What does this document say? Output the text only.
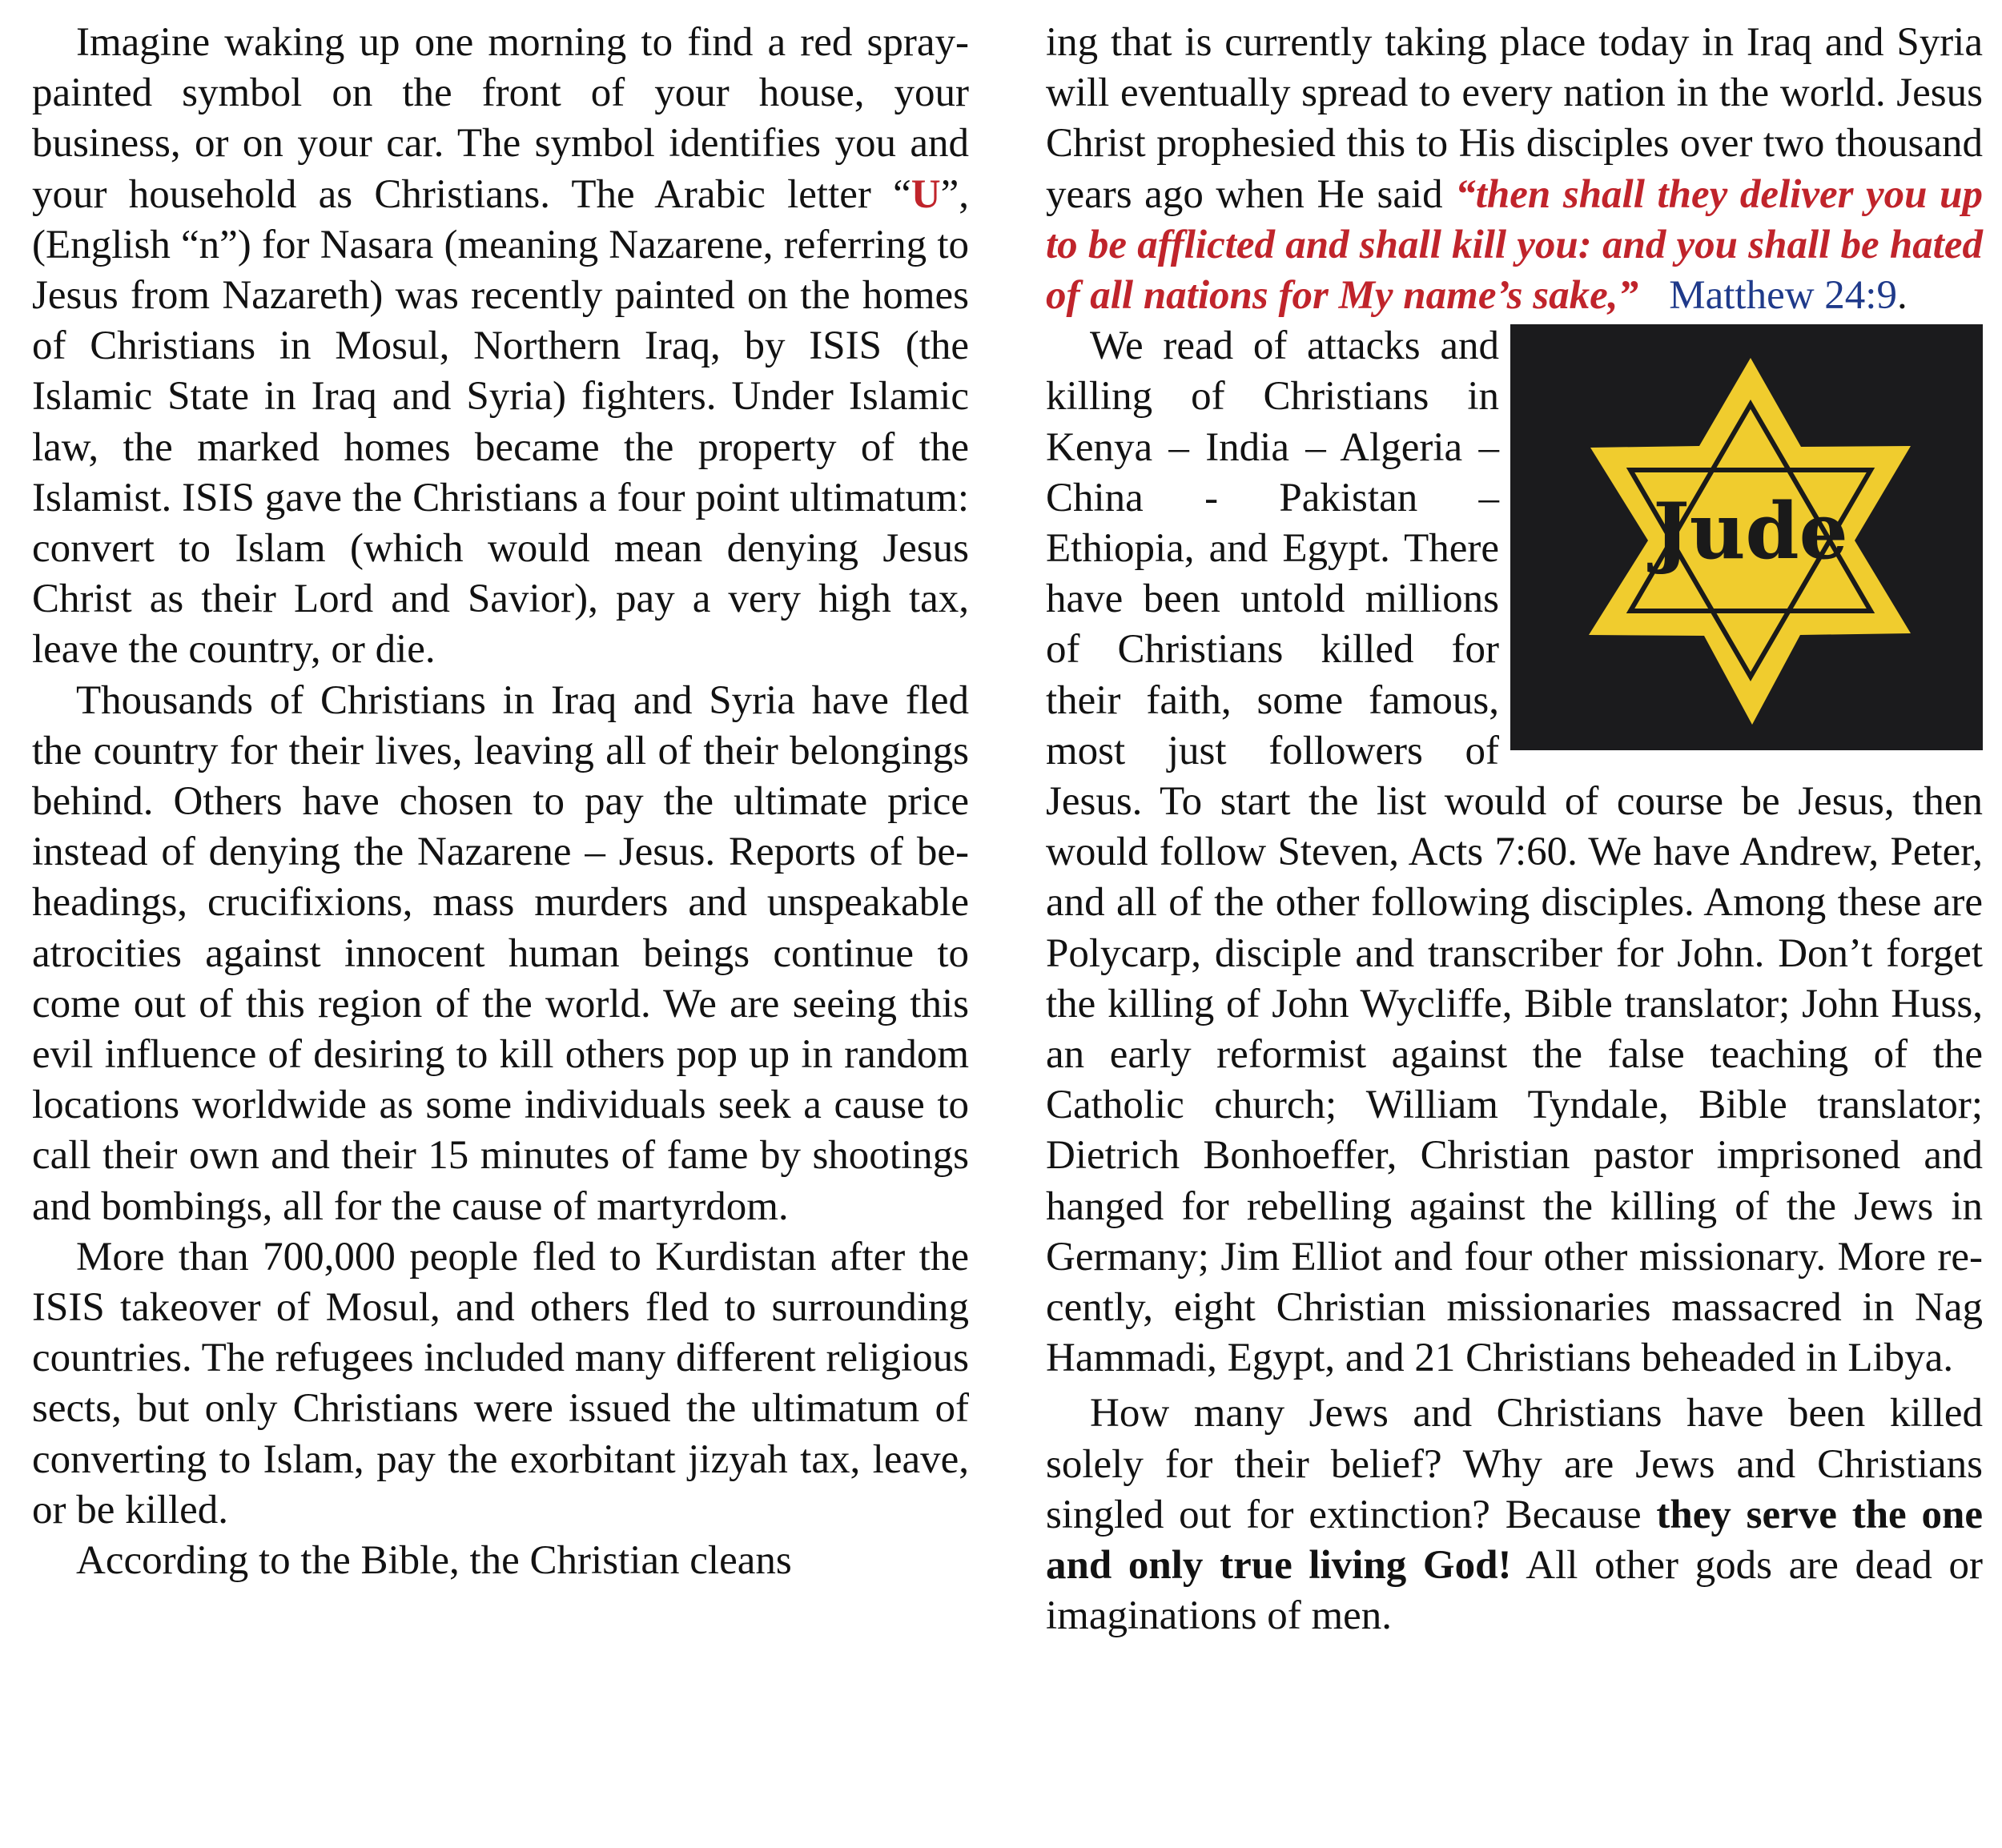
Imagine waking up one morning to find a red spray-painted symbol on the front of your house, your business, or on your car. The symbol identifies you and your household as Christians. The Arabic letter “U”, (English “n”) for Nasara (meaning Nazarene, referring to Jesus from Nazareth) was recently painted on the homes of Christians in Mosul, Northern Iraq, by ISIS (the Islamic State in Iraq and Syria) fighters. Under Islamic law, the marked homes became the property of the Islamist. ISIS gave the Christians a four point ultimatum: convert to Islam (which would mean denying Jesus Christ as their Lord and Savior), pay a very high tax, leave the country, or die.

Thousands of Christians in Iraq and Syria have fled the country for their lives, leaving all of their belongings behind. Others have chosen to pay the ultimate price instead of denying the Nazarene – Jesus. Reports of be-headings, crucifixions, mass murders and unspeakable atrocities against innocent human beings continue to come out of this region of the world. We are seeing this evil influence of desiring to kill others pop up in random locations worldwide as some individuals seek a cause to call their own and their 15 minutes of fame by shootings and bombings, all for the cause of martyrdom.

More than 700,000 people fled to Kurdistan after the ISIS takeover of Mosul, and others fled to surrounding countries. The refugees included many different religious sects, but only Christians were issued the ultimatum of converting to Islam, pay the exorbitant jizyah tax, leave, or be killed.

According to the Bible, the Christian cleans

ing that is currently taking place today in Iraq and Syria will eventually spread to every nation in the world. Jesus Christ prophesied this to His disciples over two thousand years ago when He said “then shall they deliver you up to be afflicted and shall kill you: and you shall be hated of all nations for My name’s sake,” Matthew 24:9.

Jude
We read of attacks and killing of Christians in Kenya – India – Algeria – China - Pakistan – Ethiopia, and Egypt. There have been untold millions of Christians killed for their faith, some famous, most just followers of Jesus. To start the list would of course be Jesus, then would follow Steven, Acts 7:60. We have Andrew, Peter, and all of the other following disciples. Among these are Polycarp, disciple and transcriber for John. Don’t forget the killing of John Wycliffe, Bible translator; John Huss, an early reformist against the false teaching of the Catholic church; William Tyndale, Bible translator; Dietrich Bonhoeffer, Christian pastor imprisoned and hanged for rebelling against the killing of the Jews in Germany; Jim Elliot and four other missionary. More recently, eight Christian missionaries massacred in Nag Hammadi, Egypt, and 21 Christians beheaded in Libya.

How many Jews and Christians have been killed solely for their belief? Why are Jews and Christians singled out for extinction? Because they serve the one and only true living God! All other gods are dead or imaginations of men.
